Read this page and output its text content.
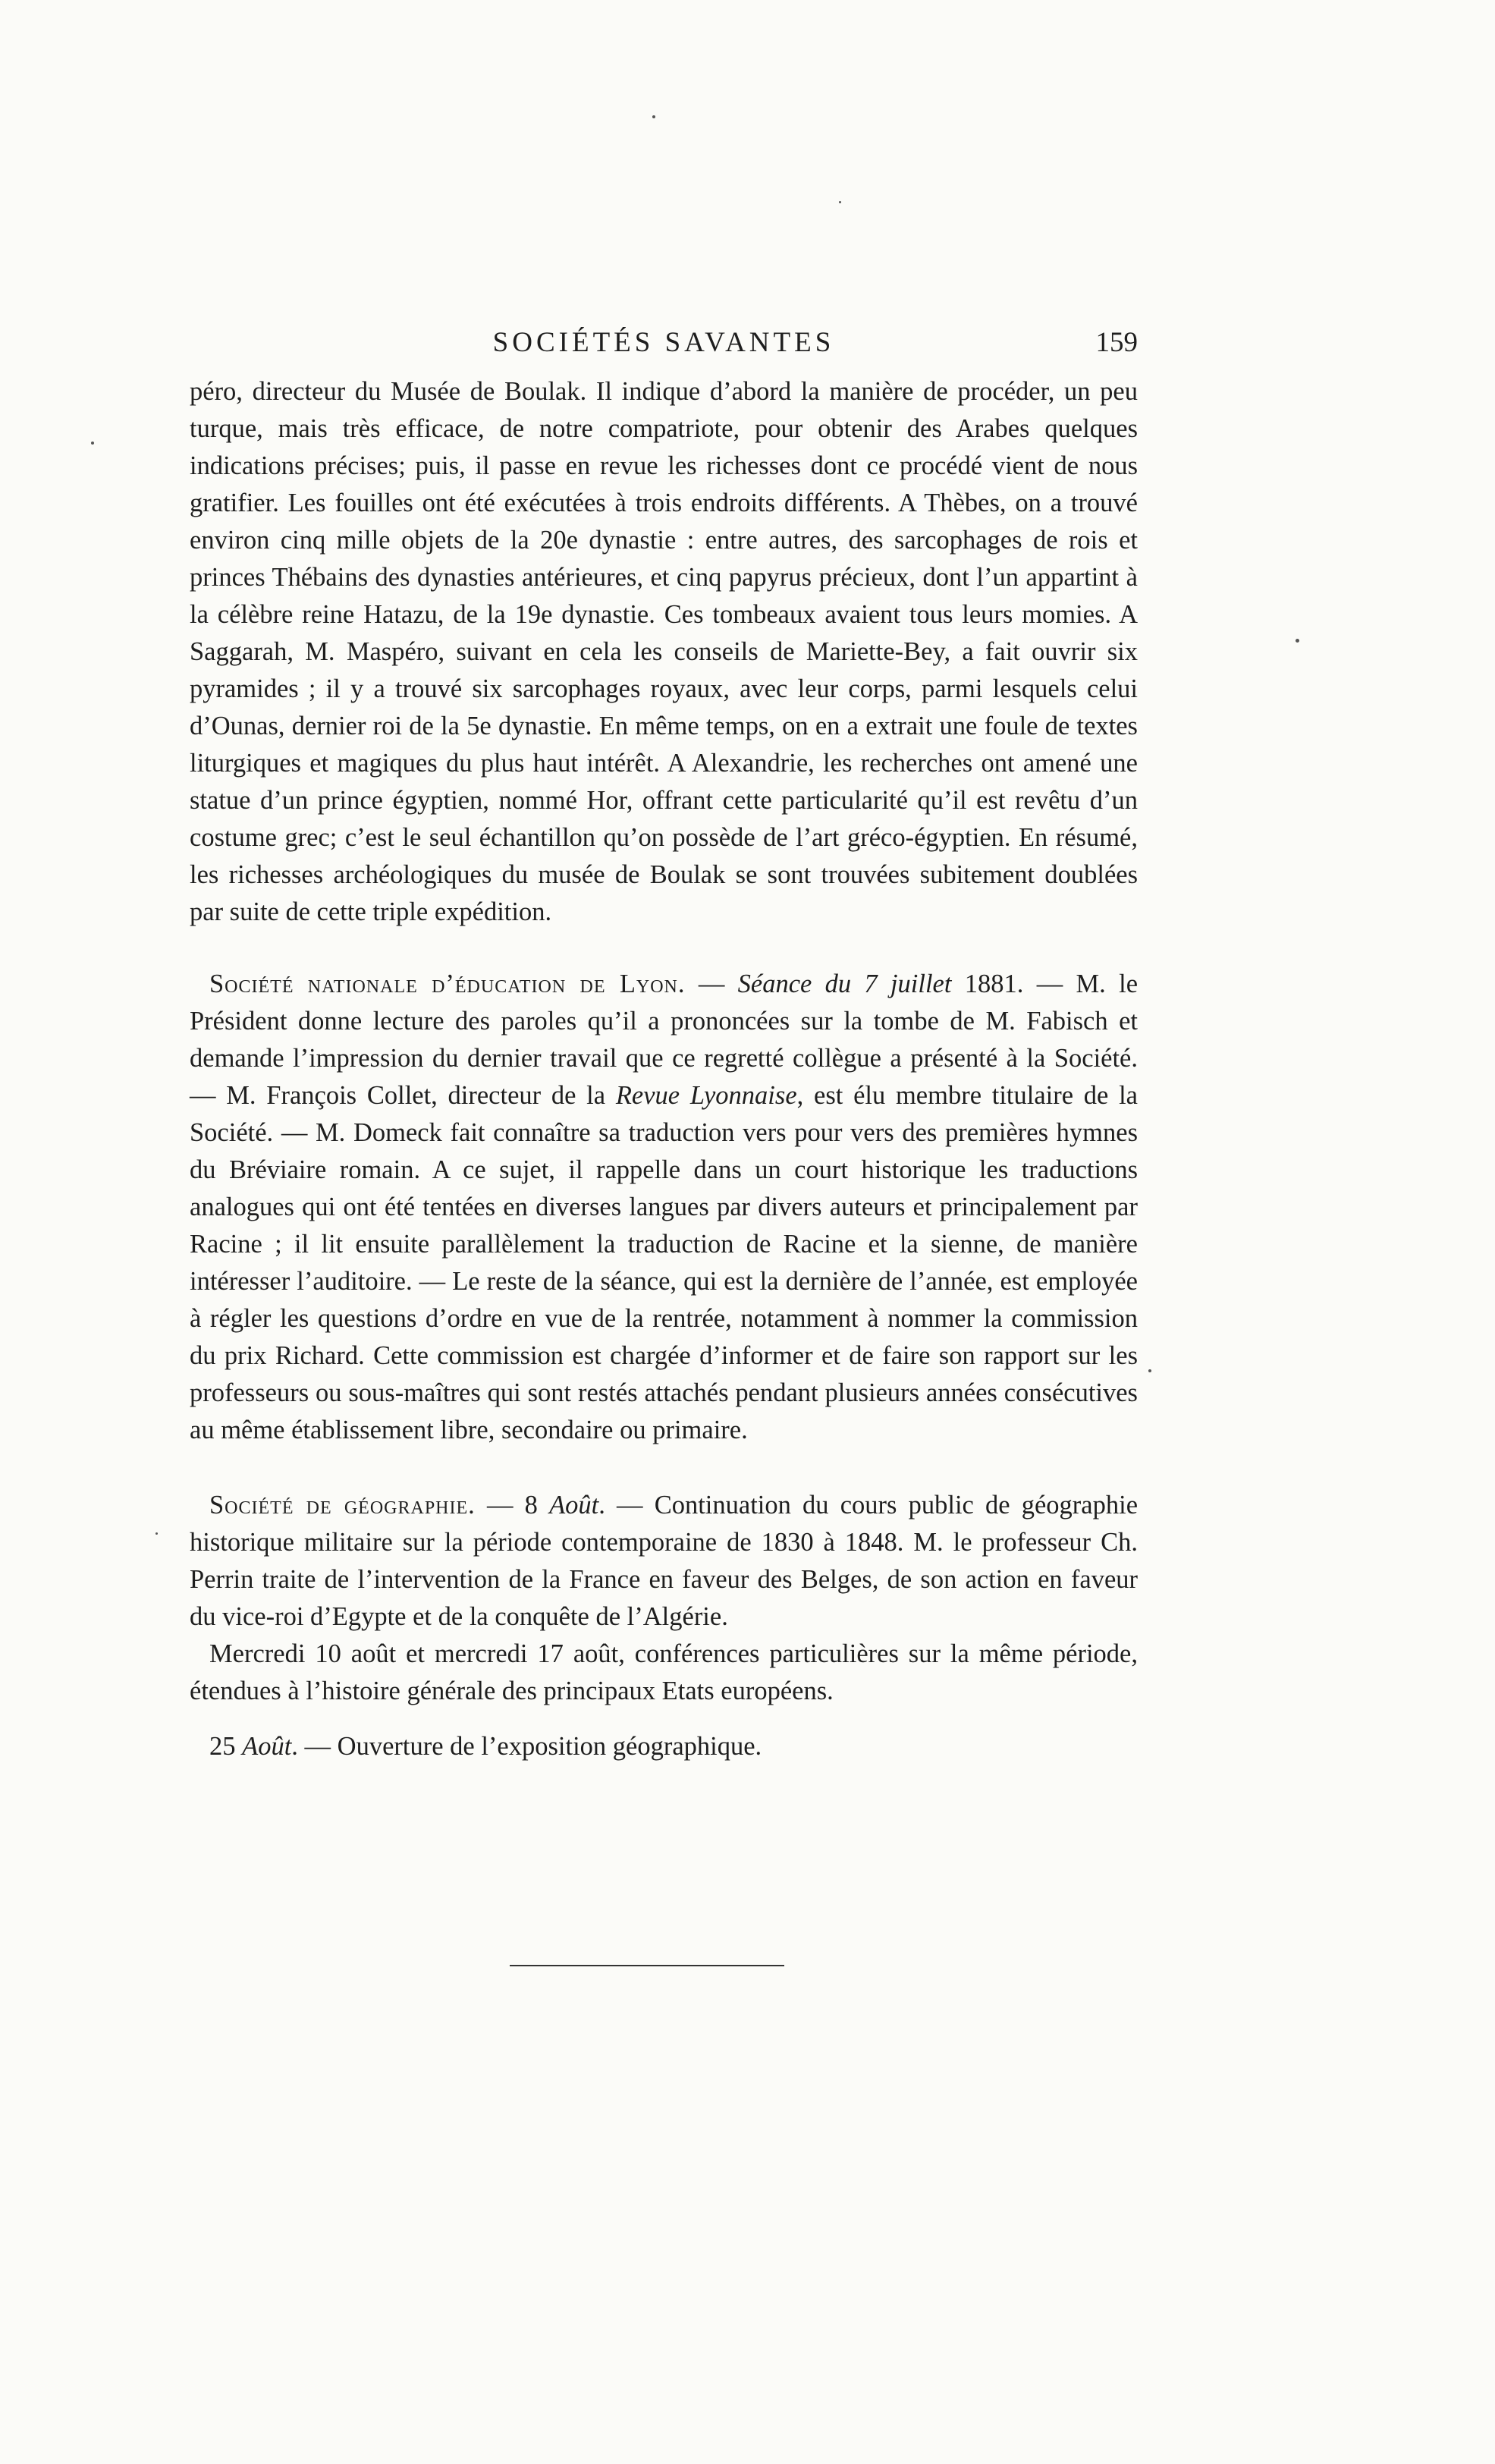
SOCIÉTÉS SAVANTES	159

péro, directeur du Musée de Boulak. Il indique d’abord la manière de procéder, un peu turque, mais très efficace, de notre compatriote, pour obtenir des Arabes quelques indications précises; puis, il passe en revue les richesses dont ce procédé vient de nous gratifier. Les fouilles ont été exécutées à trois endroits différents. A Thèbes, on a trouvé environ cinq mille objets de la 20e dynastie : entre autres, des sarcophages de rois et princes Thébains des dynasties antérieures, et cinq papyrus précieux, dont l’un appartint à la célèbre reine Hatazu, de la 19e dynastie. Ces tombeaux avaient tous leurs momies. A Saggarah, M. Maspéro, suivant en cela les conseils de Mariette-Bey, a fait ouvrir six pyramides ; il y a trouvé six sarcophages royaux, avec leur corps, parmi lesquels celui d’Ounas, dernier roi de la 5e dynastie. En même temps, on en a extrait une foule de textes liturgiques et magiques du plus haut intérêt. A Alexandrie, les recherches ont amené une statue d’un prince égyptien, nommé Hor, offrant cette particularité qu’il est revêtu d’un costume grec; c’est le seul échantillon qu’on possède de l’art gréco-égyptien. En résumé, les richesses archéologiques du musée de Boulak se sont trouvées subitement doublées par suite de cette triple expédition.

Société nationale d’éducation de Lyon. — Séance du 7 juillet 1881. — M. le Président donne lecture des paroles qu’il a prononcées sur la tombe de M. Fabisch et demande l’impression du dernier travail que ce regretté collègue a présenté à la Société. — M. François Collet, directeur de la Revue Lyonnaise, est élu membre titulaire de la Société. — M. Domeck fait connaître sa traduction vers pour vers des premières hymnes du Bréviaire romain. A ce sujet, il rappelle dans un court historique les traductions analogues qui ont été tentées en diverses langues par divers auteurs et principalement par Racine ; il lit ensuite parallèlement la traduction de Racine et la sienne, de manière intéresser l’auditoire. — Le reste de la séance, qui est la dernière de l’année, est employée à régler les questions d’ordre en vue de la rentrée, notamment à nommer la commission du prix Richard. Cette commission est chargée d’informer et de faire son rapport sur les professeurs ou sous-maîtres qui sont restés attachés pendant plusieurs années consécutives au même établissement libre, secondaire ou primaire.

Société de géographie. — 8 Août. — Continuation du cours public de géographie historique militaire sur la période contemporaine de 1830 à 1848. M. le professeur Ch. Perrin traite de l’intervention de la France en faveur des Belges, de son action en faveur du vice-roi d’Egypte et de la conquête de l’Algérie.

Mercredi 10 août et mercredi 17 août, conférences particulières sur la même période, étendues à l’histoire générale des principaux Etats européens.

25 Août. — Ouverture de l’exposition géographique.
